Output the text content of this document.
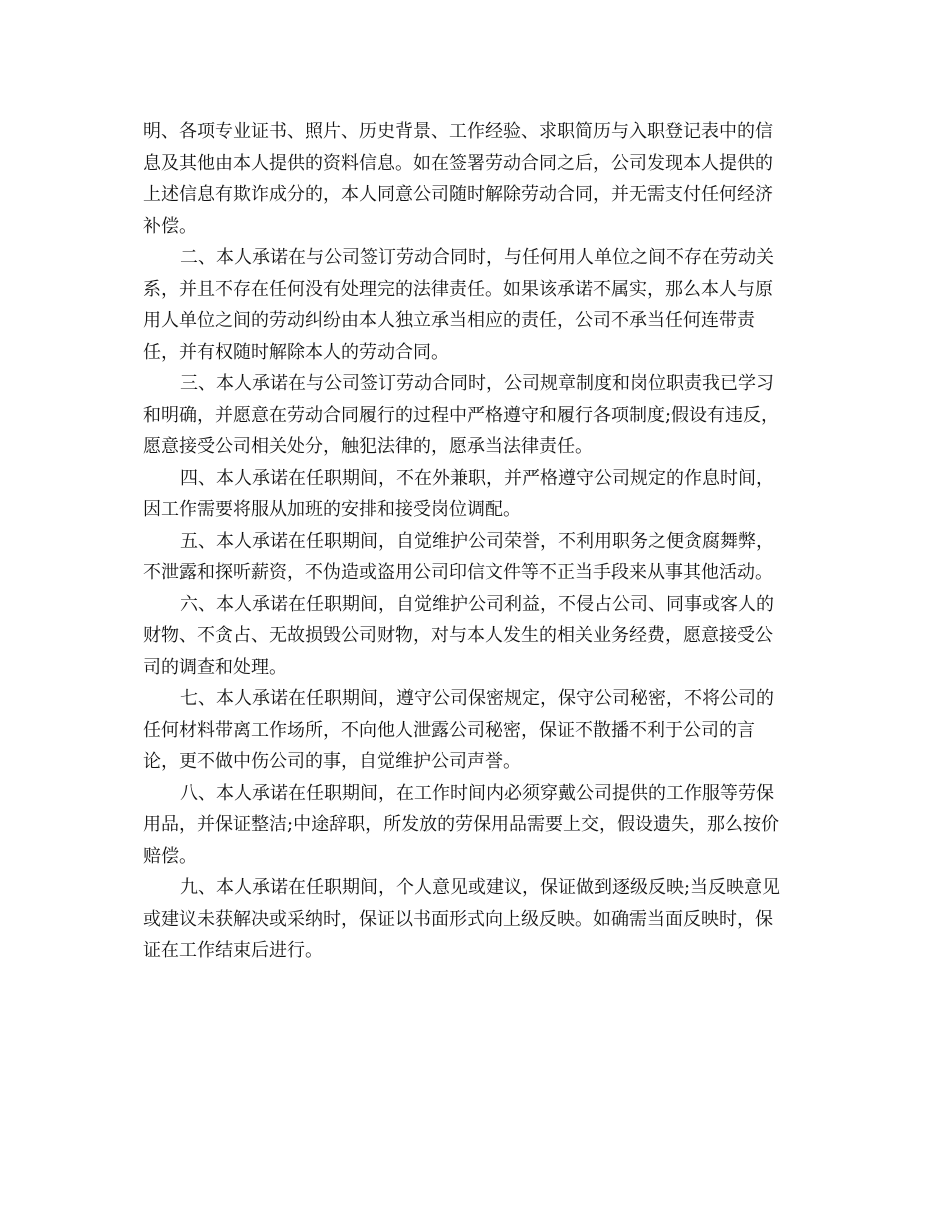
明、各项专业证书、照片、历史背景、工作经验、求职简历与入职登记表中的信
息及其他由本人提供的资料信息。如在签署劳动合同之后，公司发现本人提供的
上述信息有欺诈成分的，本人同意公司随时解除劳动合同，并无需支付任何经济
补偿。
二、本人承诺在与公司签订劳动合同时，与任何用人单位之间不存在劳动关
系，并且不存在任何没有处理完的法律责任。如果该承诺不属实，那么本人与原
用人单位之间的劳动纠纷由本人独立承当相应的责任，公司不承当任何连带责
任，并有权随时解除本人的劳动合同。
三、本人承诺在与公司签订劳动合同时，公司规章制度和岗位职责我已学习
和明确，并愿意在劳动合同履行的过程中严格遵守和履行各项制度;假设有违反，
愿意接受公司相关处分，触犯法律的，愿承当法律责任。
四、本人承诺在任职期间，不在外兼职，并严格遵守公司规定的作息时间，
因工作需要将服从加班的安排和接受岗位调配。
五、本人承诺在任职期间，自觉维护公司荣誉，不利用职务之便贪腐舞弊，
不泄露和探听薪资，不伪造或盗用公司印信文件等不正当手段来从事其他活动。
六、本人承诺在任职期间，自觉维护公司利益，不侵占公司、同事或客人的
财物、不贪占、无故损毁公司财物，对与本人发生的相关业务经费，愿意接受公
司的调查和处理。
七、本人承诺在任职期间，遵守公司保密规定，保守公司秘密，不将公司的
任何材料带离工作场所，不向他人泄露公司秘密，保证不散播不利于公司的言
论，更不做中伤公司的事，自觉维护公司声誉。
八、本人承诺在任职期间，在工作时间内必须穿戴公司提供的工作服等劳保
用品，并保证整洁;中途辞职，所发放的劳保用品需要上交，假设遗失，那么按价
赔偿。
九、本人承诺在任职期间，个人意见或建议，保证做到逐级反映;当反映意见
或建议未获解决或采纳时，保证以书面形式向上级反映。如确需当面反映时，保
证在工作结束后进行。
